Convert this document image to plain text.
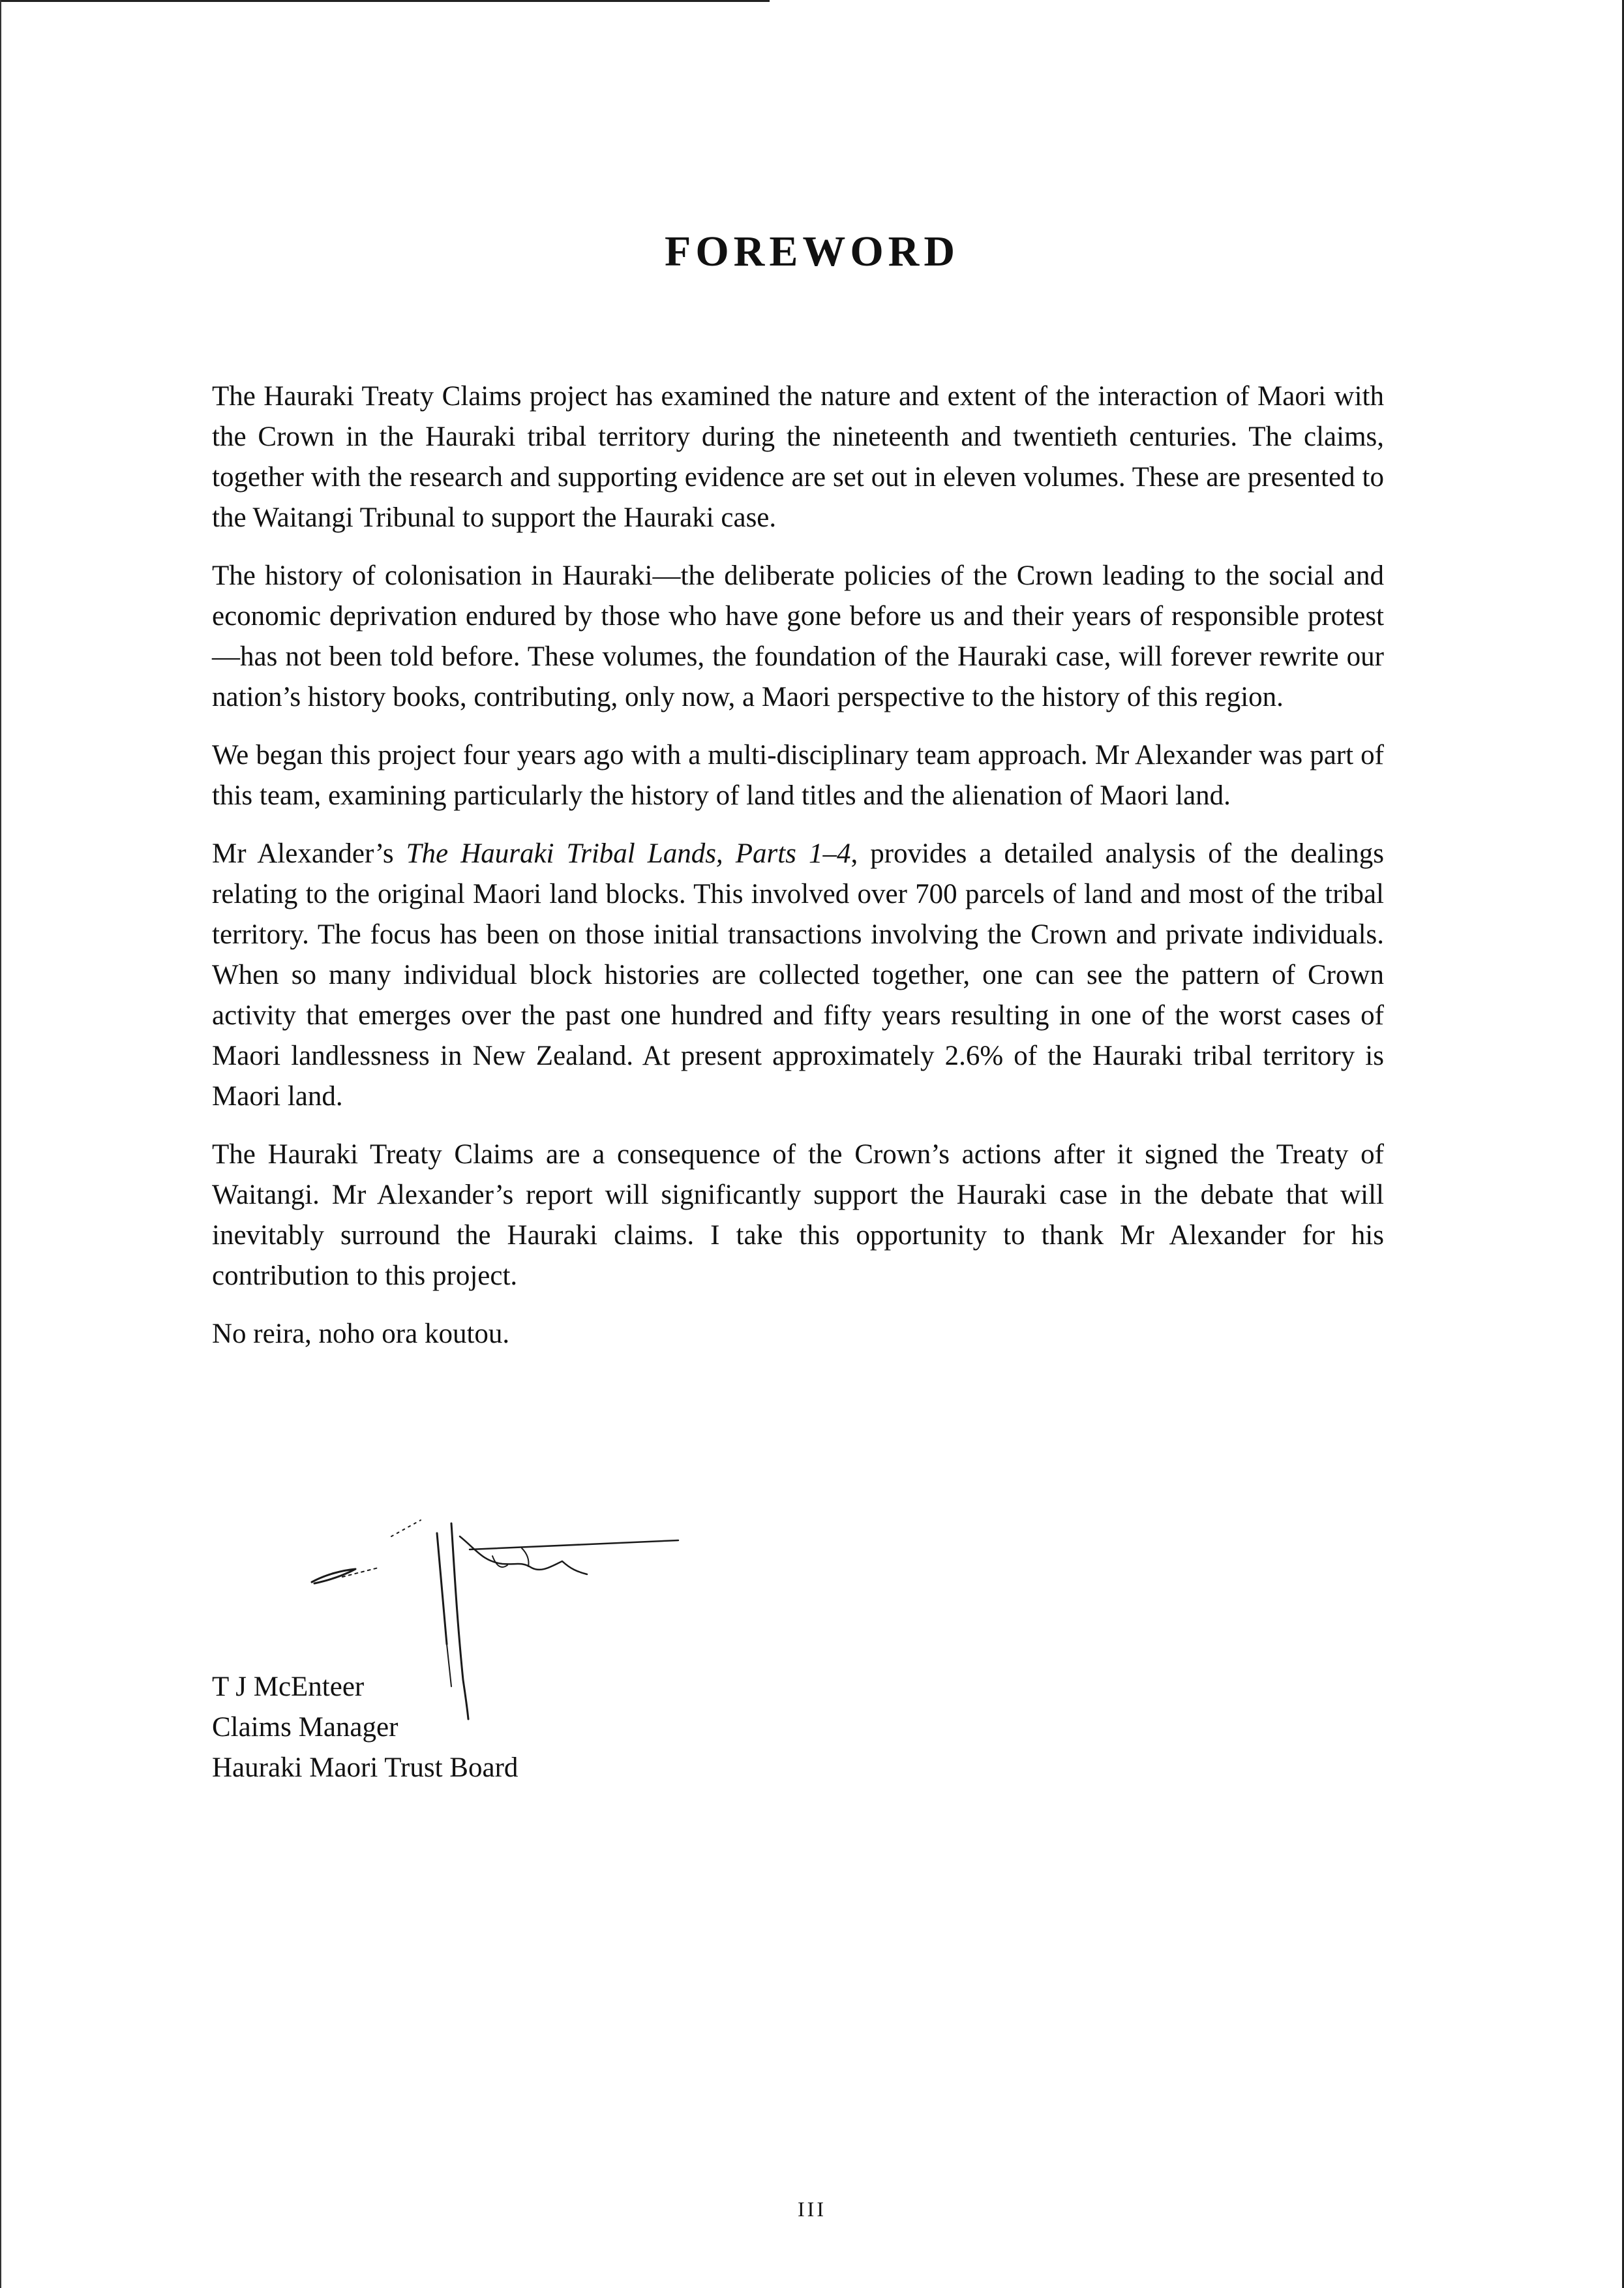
FOREWORD

The Hauraki Treaty Claims project has examined the nature and extent of the interaction of Maori with the Crown in the Hauraki tribal territory during the nineteenth and twentieth centuries. The claims, together with the research and supporting evidence are set out in eleven volumes. These are presented to the Waitangi Tribunal to support the Hauraki case.

The history of colonisation in Hauraki—the deliberate policies of the Crown leading to the social and economic deprivation endured by those who have gone before us and their years of responsible protest—has not been told before. These volumes, the foundation of the Hauraki case, will forever rewrite our nation’s history books, contributing, only now, a Maori perspective to the history of this region.

We began this project four years ago with a multi-disciplinary team approach. Mr Alexander was part of this team, examining particularly the history of land titles and the alienation of Maori land.

Mr Alexander’s The Hauraki Tribal Lands, Parts 1–4, provides a detailed analysis of the dealings relating to the original Maori land blocks. This involved over 700 parcels of land and most of the tribal territory. The focus has been on those initial transactions involving the Crown and private individuals. When so many individual block histories are collected together, one can see the pattern of Crown activity that emerges over the past one hundred and fifty years resulting in one of the worst cases of Maori landlessness in New Zealand. At present approximately 2.6% of the Hauraki tribal territory is Maori land.

The Hauraki Treaty Claims are a consequence of the Crown’s actions after it signed the Treaty of Waitangi. Mr Alexander’s report will significantly support the Hauraki case in the debate that will inevitably surround the Hauraki claims. I take this opportunity to thank Mr Alexander for his contribution to this project.

No reira, noho ora koutou.

T J McEnteer
Claims Manager
Hauraki Maori Trust Board
III
